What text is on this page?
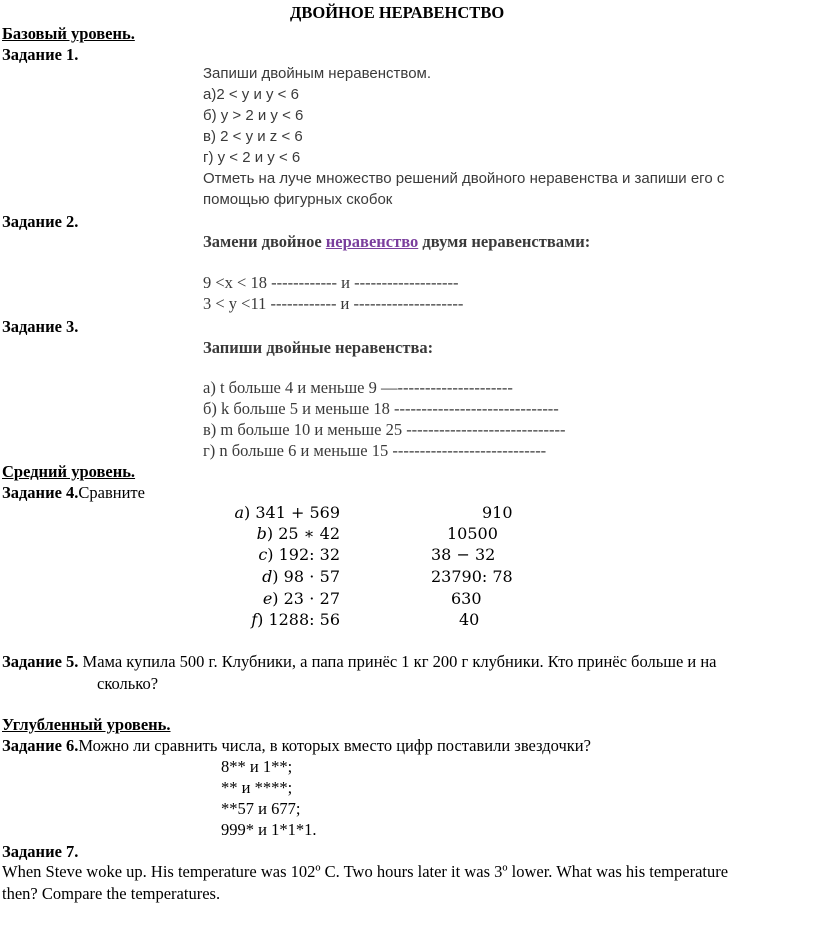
ДВОЙНОЕ НЕРАВЕНСТВО
Базовый уровень.
Задание 1.
Запиши двойным неравенством.
а)2 < y и y < 6
б) y > 2 и y < 6
в) 2 < y и z < 6
г) y < 2 и y < 6
Отметь на луче множество решений двойного неравенства и запиши его с
помощью фигурных скобок
Задание 2.
Замени двойное неравенство двумя неравенствами:
9 <x < 18 ------------ и -------------------
3 < y <11 ------------ и --------------------
Задание 3.
Запиши двойные неравенства:
а) t больше 4 и меньше 9 —---------------------
б) k больше 5 и меньше 18 ------------------------------
в) m больше 10 и меньше 25 -----------------------------
г) n больше 6 и меньше 15 ----------------------------
Средний уровень.
Задание 4.Сравните
𝑎) 341 + 569	910
𝑏) 25 ∗ 42	10500
𝑐) 192: 32	38 − 32
𝑑) 98 ⋅ 57	23790: 78
𝑒) 23 ⋅ 27	630
𝑓) 1288: 56	40
Задание 5. Мама купила 500 г. Клубники, а папа принёс 1 кг 200 г клубники. Кто принёс больше и на
сколько?
Углубленный уровень.
Задание 6.Можно ли сравнить числа, в которых вместо цифр поставили звездочки?
8** и 1**;
** и ****;
**57 и 677;
999* и 1*1*1.
Задание 7.
When Steve woke up. His temperature was 102º C. Two hours later it was 3º lower. What was his temperature
then? Compare the temperatures.
